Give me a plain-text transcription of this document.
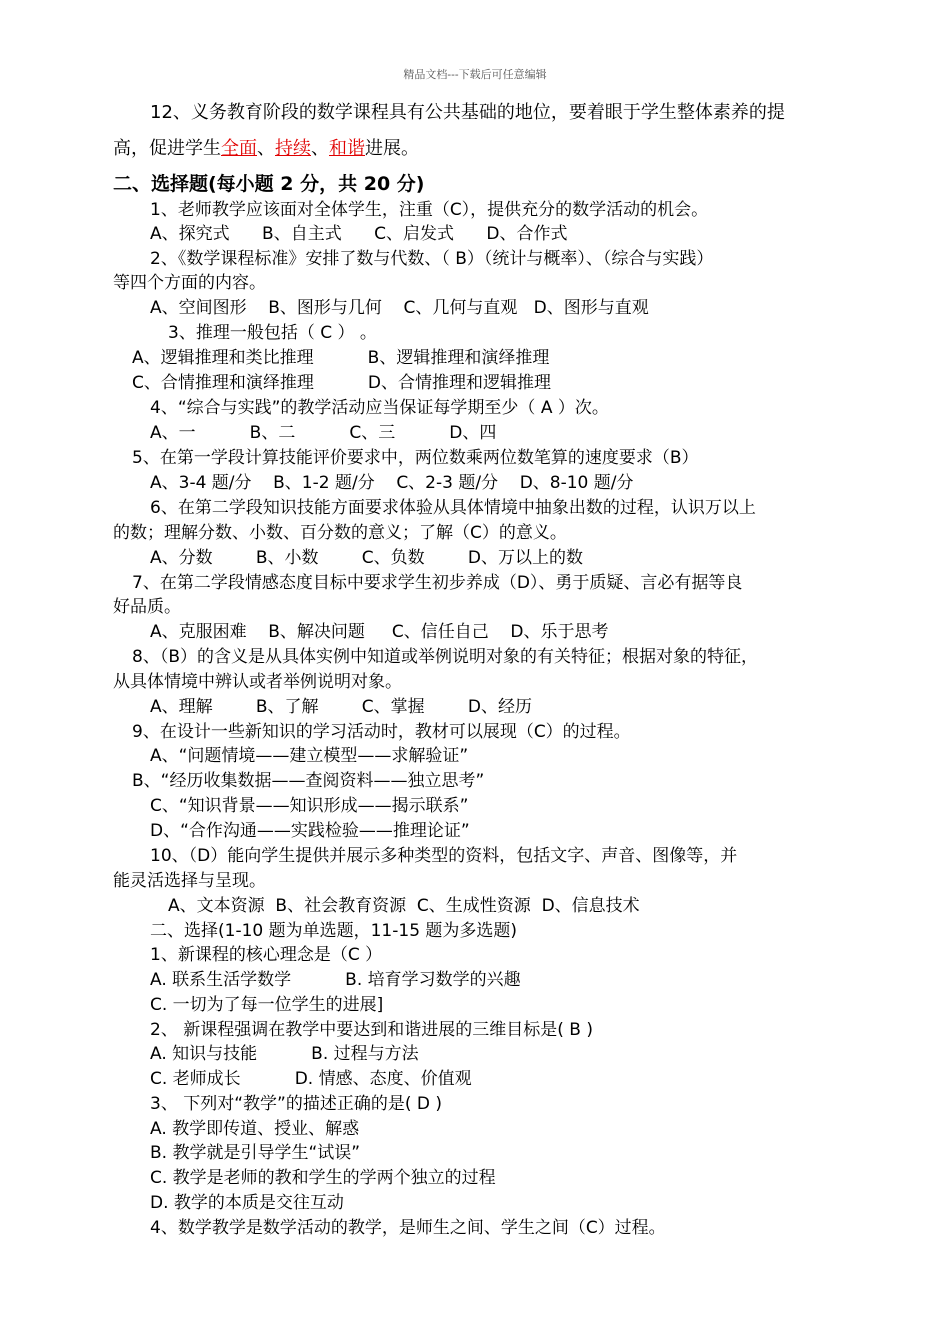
精品文档---下载后可任意编辑
12、义务教育阶段的数学课程具有公共基础的地位，要着眼于学生整体素养的提
高，促进学生全面、持续、和谐进展。
二、选择题(每小题 2 分，共 20 分)
1、老师教学应该面对全体学生，注重（C），提供充分的数学活动的机会。
A、探究式      B、自主式      C、启发式      D、合作式
2、《数学课程标准》安排了数与代数、（ B）（统计与概率）、（综合与实践）
等四个方面的内容。
A、空间图形    B、图形与几何    C、几何与直观   D、图形与直观
3、推理一般包括（ C ） 。
A、逻辑推理和类比推理          B、逻辑推理和演绎推理
C、合情推理和演绎推理          D、合情推理和逻辑推理
4、“综合与实践”的教学活动应当保证每学期至少（ A ）次。
A、一          B、二          C、三          D、四
5、在第一学段计算技能评价要求中，两位数乘两位数笔算的速度要求（B）
A、3-4 题/分    B、1-2 题/分    C、2-3 题/分    D、8-10 题/分
6、在第二学段知识技能方面要求体验从具体情境中抽象出数的过程，认识万以上
的数；理解分数、小数、百分数的意义；了解（C）的意义。
A、分数        B、小数        C、负数        D、万以上的数
7、在第二学段情感态度目标中要求学生初步养成（D）、勇于质疑、言必有据等良
好品质。
A、克服困难    B、解决问题     C、信任自己    D、乐于思考
8、（B）的含义是从具体实例中知道或举例说明对象的有关特征；根据对象的特征，
从具体情境中辨认或者举例说明对象。
A、理解        B、了解        C、掌握        D、经历
9、在设计一些新知识的学习活动时，教材可以展现（C）的过程。
A、“问题情境——建立模型——求解验证”
B、“经历收集数据——查阅资料——独立思考”
C、“知识背景——知识形成——揭示联系”
D、“合作沟通——实践检验——推理论证”
10、（D）能向学生提供并展示多种类型的资料，包括文字、声音、图像等，并
能灵活选择与呈现。
A、文本资源  B、社会教育资源  C、生成性资源  D、信息技术
二、选择(1-10 题为单选题，11-15 题为多选题)
1、新课程的核心理念是（C ）
A. 联系生活学数学          B. 培育学习数学的兴趣
C. 一切为了每一位学生的进展]
2、 新课程强调在教学中要达到和谐进展的三维目标是( B )
A. 知识与技能          B. 过程与方法
C. 老师成长          D. 情感、态度、价值观
3、 下列对“教学”的描述正确的是( D )
A. 教学即传道、授业、解惑
B. 教学就是引导学生“试误”
C. 教学是老师的教和学生的学两个独立的过程
D. 教学的本质是交往互动
4、数学教学是数学活动的教学，是师生之间、学生之间（C）过程。
